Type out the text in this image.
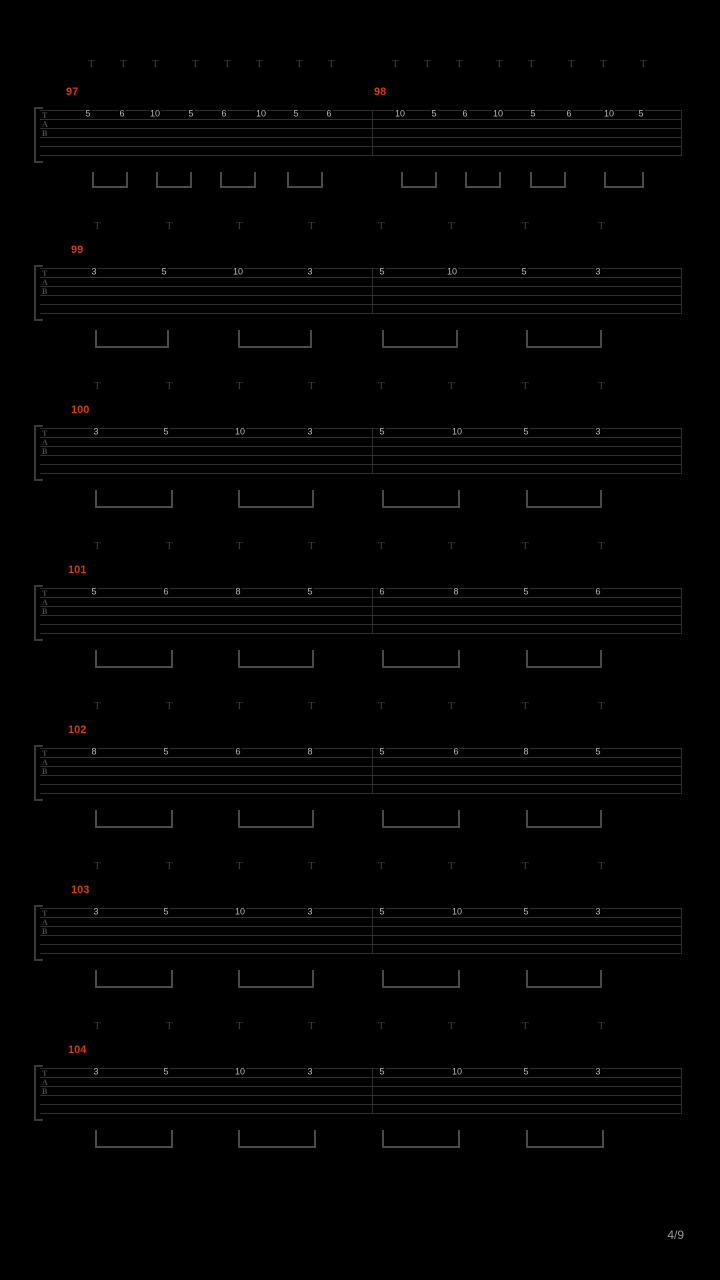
T T T	T T T	T T	T T T	T T	T T	T
97	98
T
A
B
5	6	10	5	6	10	5	6	10	5	6	10	5	6	10	5
T	T	T	T	T	T	T	T
99
T
A
B
3	5	10	3	5	10	5	3
T	T	T	T	T	T	T	T
100
T
A
B
3	5	10	3	5	10	5	3
T	T	T	T	T	T	T	T
101
T
A
B
5	6	8	5	6	8	5	6
T	T	T	T	T	T	T	T
102
T
A
B
8	5	6	8	5	6	8	5
T	T	T	T	T	T	T	T
103
T
A
B
3	5	10	3	5	10	5	3
T	T	T	T	T	T	T	T
104
T
A
B
3	5	10	3	5	10	5	3
4/9
